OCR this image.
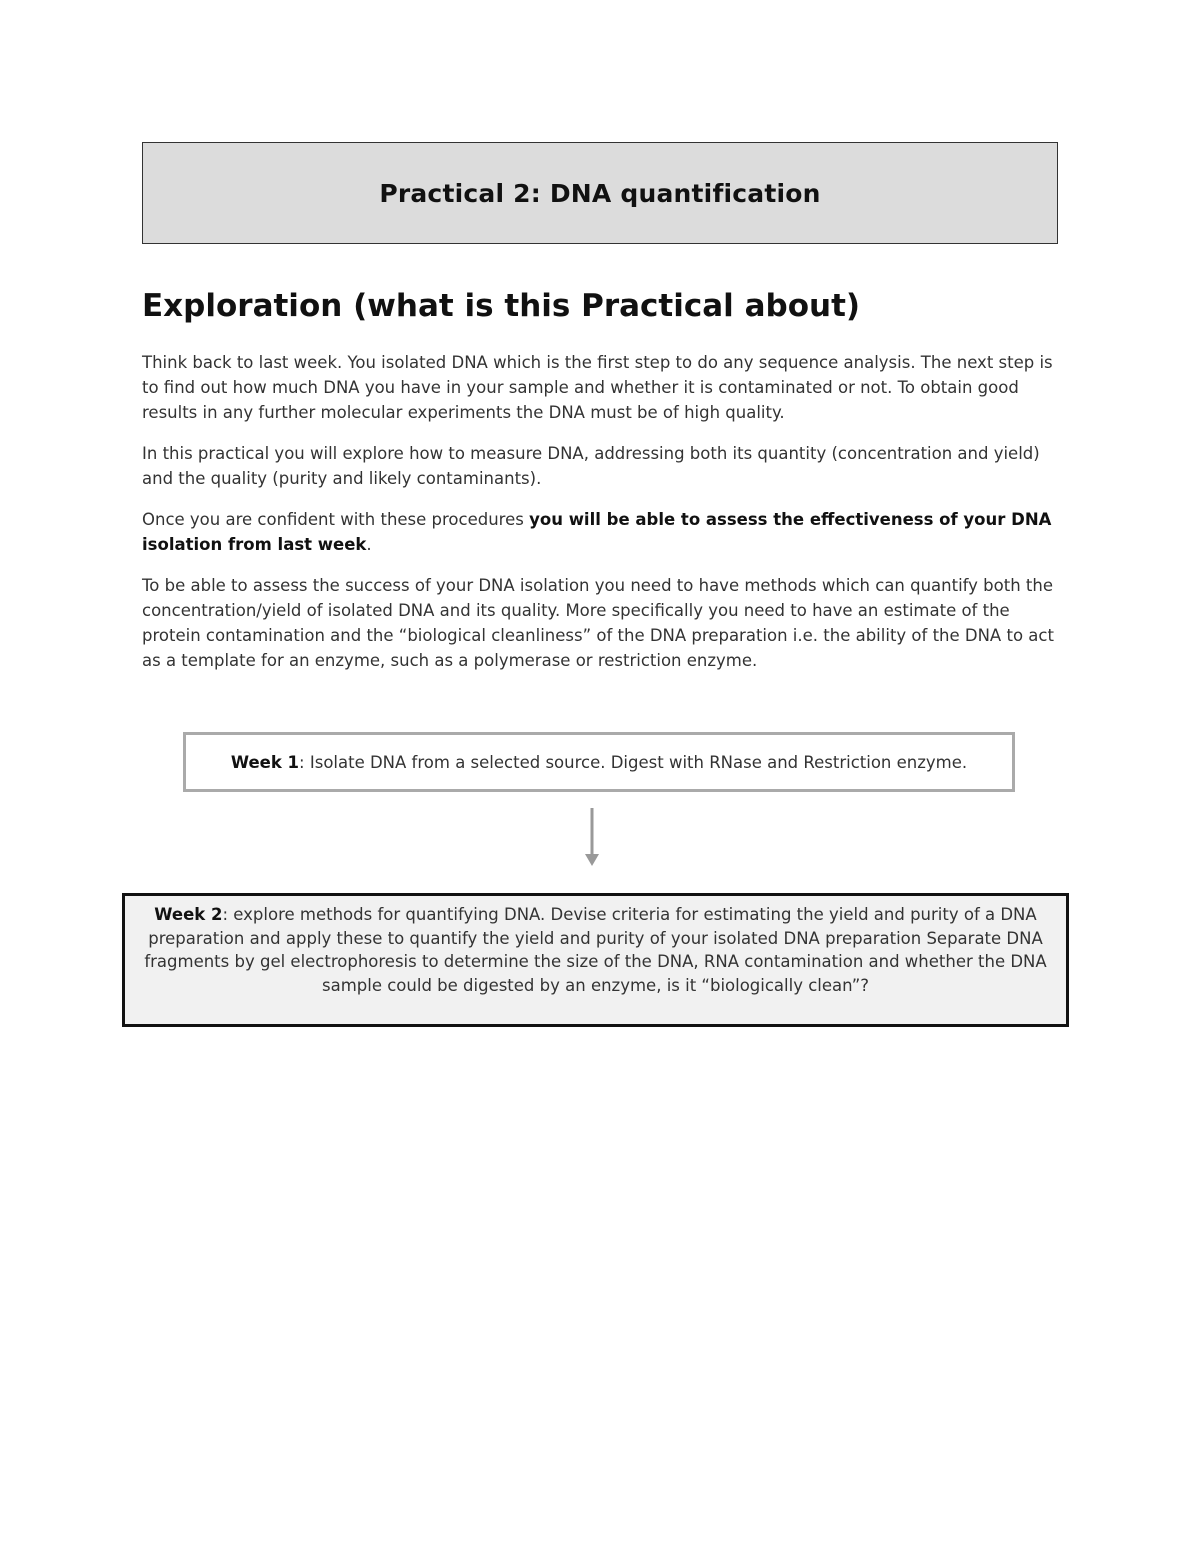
Practical 2: DNA quantification
Exploration (what is this Practical about)

Think back to last week. You isolated DNA which is the first step to do any sequence analysis. The next step is to find out how much DNA you have in your sample and whether it is contaminated or not. To obtain good results in any further molecular experiments the DNA must be of high quality.

In this practical you will explore how to measure DNA, addressing both its quantity (concentration and yield) and the quality (purity and likely contaminants).

Once you are confident with these procedures you will be able to assess the effectiveness of your DNA isolation from last week.

To be able to assess the success of your DNA isolation you need to have methods which can quantify both the concentration/yield of isolated DNA and its quality. More specifically you need to have an estimate of the protein contamination and the “biological cleanliness” of the DNA preparation i.e. the ability of the DNA to act as a template for an enzyme, such as a polymerase or restriction enzyme.

Week 1: Isolate DNA from a selected source. Digest with RNase and Restriction enzyme.
Week 2: explore methods for quantifying DNA. Devise criteria for estimating the yield and purity of a DNA preparation and apply these to quantify the yield and purity of your isolated DNA preparation Separate DNA fragments by gel electrophoresis to determine the size of the DNA, RNA contamination and whether the DNA sample could be digested by an enzyme, is it “biologically clean”?
